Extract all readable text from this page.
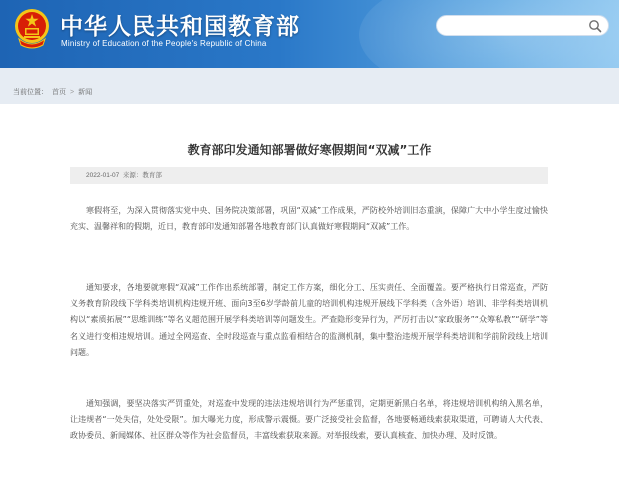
中华人民共和国教育部
Ministry of Education of the People's Republic of China
当前位置： 首页 > 新闻
教育部印发通知部署做好寒假期间“双减”工作
2022-01-07 来源：教育部

寒假将至，为深入贯彻落实党中央、国务院决策部署，巩固“双减”工作成果，严防校外培训旧态重演，保障广大中小学生度过愉快充实、温馨祥和的假期，近日，教育部印发通知部署各地教育部门认真做好寒假期间“双减”工作。

通知要求，各地要就寒假“双减”工作作出系统部署，制定工作方案，细化分工、压实责任、全面覆盖。要严格执行日常巡查，严防义务教育阶段线下学科类培训机构违规开班、面向3至6岁学龄前儿童的培训机构违规开展线下学科类（含外语）培训、非学科类培训机构以“素质拓展”“思维训练”等名义超范围开展学科类培训等问题发生。严查隐形变异行为，严厉打击以“家政服务”“众筹私教”“研学”等名义进行变相违规培训。通过全网巡查、全时段巡查与重点监看相结合的监测机制，集中整治违规开展学科类培训和学前阶段线上培训问题。

通知强调，要坚决落实严罚重处，对巡查中发现的违法违规培训行为严惩重罚，定期更新黑白名单，将违规培训机构纳入黑名单，让违规者“一处失信，处处受限”。加大曝光力度，形成警示震慑。要广泛接受社会监督，各地要畅通线索获取渠道，可聘请人大代表、政协委员、新闻媒体、社区群众等作为社会监督员，丰富线索获取来源。对举报线索，要认真核查、加快办理、及时反馈。
